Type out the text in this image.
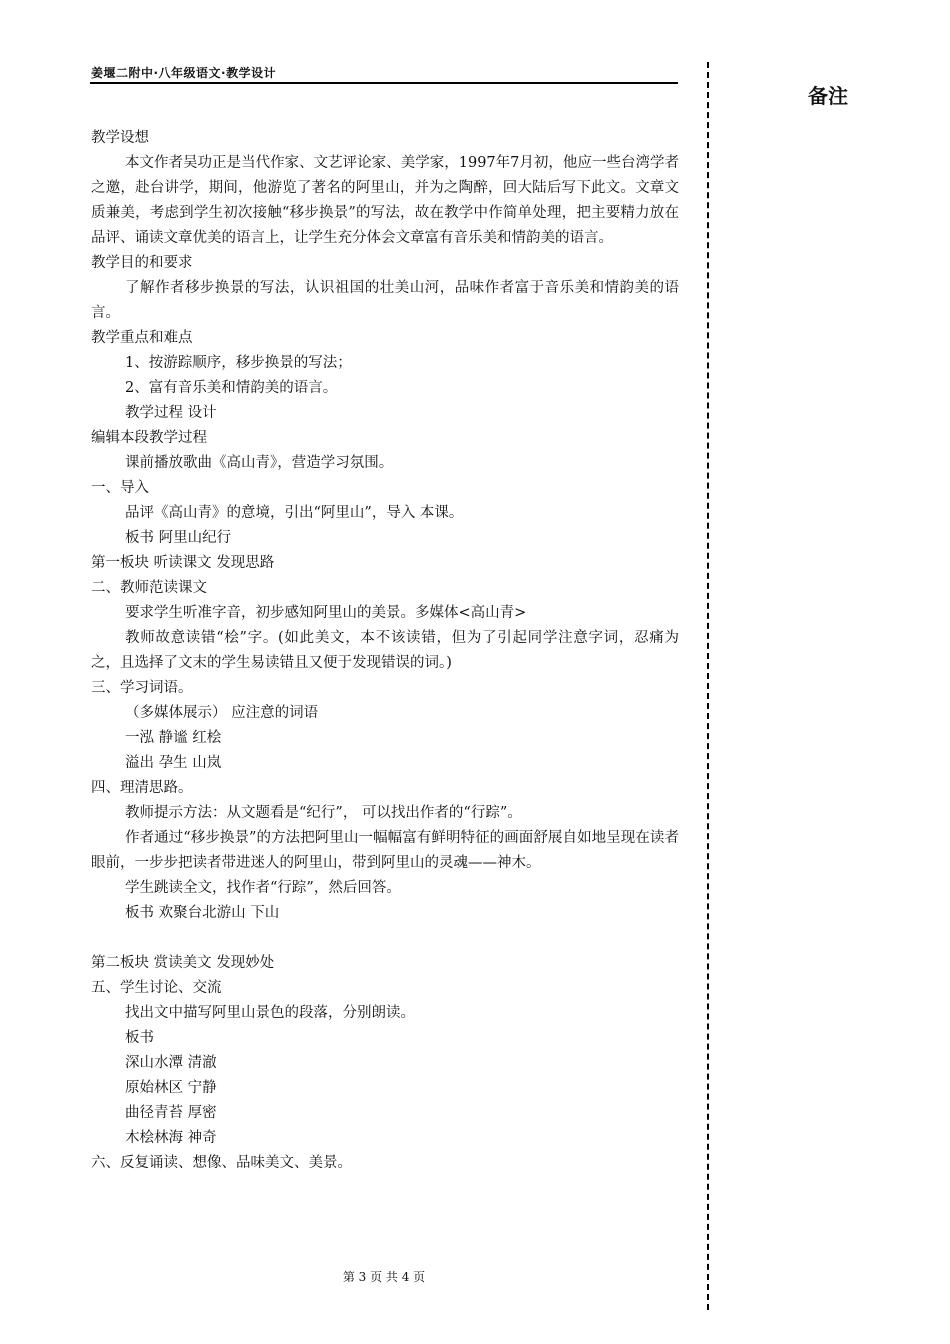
姜堰二附中·八年级语文·教学设计
备注

教学设想

本文作者吴功正是当代作家、文艺评论家、美学家，1997年7月初，他应一些台湾学者之邀，赴台讲学，期间，他游览了著名的阿里山，并为之陶醉，回大陆后写下此文。文章文质兼美，考虑到学生初次接触“移步换景”的写法，故在教学中作简单处理，把主要精力放在品评、诵读文章优美的语言上，让学生充分体会文章富有音乐美和情韵美的语言。

教学目的和要求

了解作者移步换景的写法，认识祖国的壮美山河，品味作者富于音乐美和情韵美的语言。

教学重点和难点

1、按游踪顺序，移步换景的写法；

2、富有音乐美和情韵美的语言。

教学过程 设计

编辑本段教学过程

课前播放歌曲《高山青》，营造学习氛围。

一、导入

品评《高山青》的意境，引出“阿里山”，导入 本课。

板书 阿里山纪行

第一板块 听读课文 发现思路

二、教师范读课文

要求学生听准字音，初步感知阿里山的美景。多媒体<高山青>

教师故意读错“桧”字。(如此美文，本不该读错，但为了引起同学注意字词，忍痛为之，且选择了文末的学生易读错且又便于发现错误的词。)

三、学习词语。

（多媒体展示） 应注意的词语

一泓 静谧 红桧

溢出 孕生 山岚

四、理清思路。

教师提示方法：从文题看是“纪行”， 可以找出作者的“行踪”。

作者通过“移步换景”的方法把阿里山一幅幅富有鲜明特征的画面舒展自如地呈现在读者眼前，一步步把读者带进迷人的阿里山，带到阿里山的灵魂——神木。

学生跳读全文，找作者“行踪”，然后回答。

板书 欢聚台北游山 下山

第二板块 赏读美文 发现妙处

五、学生讨论、交流

找出文中描写阿里山景色的段落，分别朗读。

板书

深山水潭 清澈

原始林区 宁静

曲径青苔 厚密

木桧林海 神奇

六、反复诵读、想像、品味美文、美景。

第 3 页 共 4 页
